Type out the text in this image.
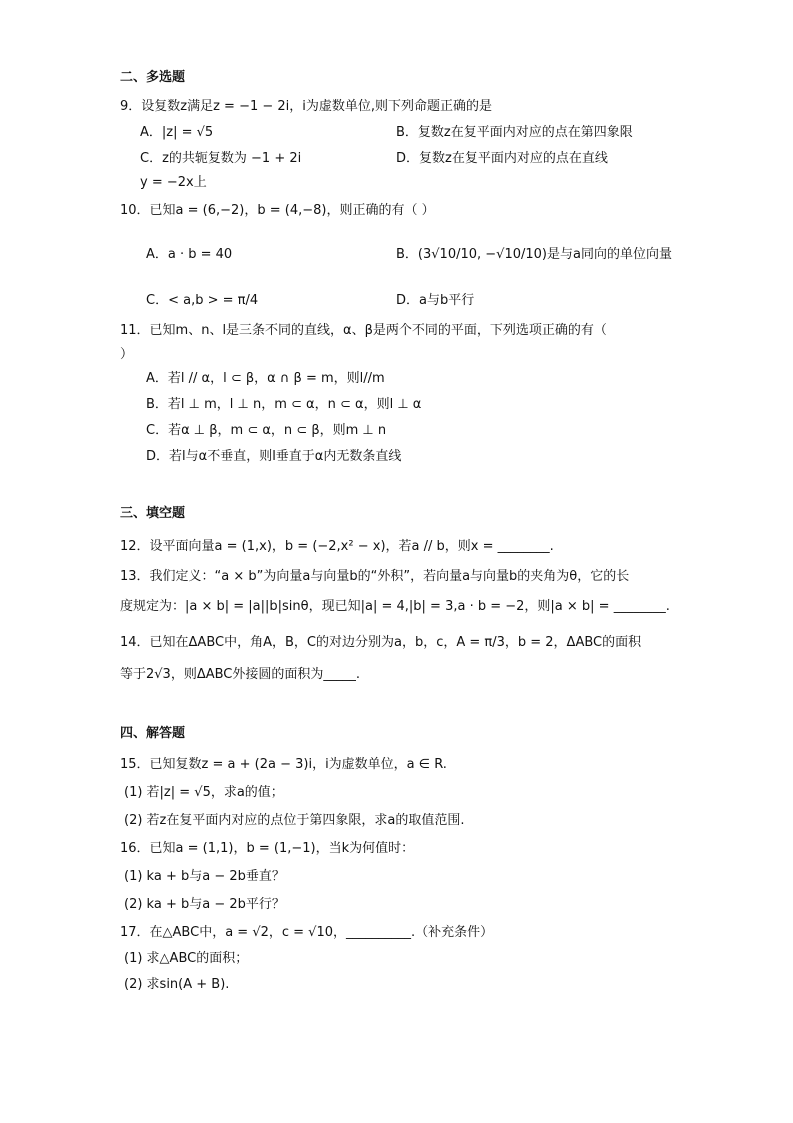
二、多选题
9．设复数z满足z = −1 − 2i，i为虚数单位,则下列命题正确的是
A．|z| = √5	B．复数z在复平面内对应的点在第四象限
C．z的共轭复数为 −1 + 2i	D．复数z在复平面内对应的点在直线
y = −2x上
10．已知a = (6,−2)，b = (4,−8)，则正确的有（ ）
A．a · b = 40	B．(3√10/10, −√10/10)是与a同向的单位向量
C．< a,b > = π/4	D．a与b平行
11．已知m、n、l是三条不同的直线，α、β是两个不同的平面，下列选项正确的有（
）
A．若l // α，l ⊂ β，α ∩ β = m，则l//m
B．若l ⊥ m，l ⊥ n，m ⊂ α，n ⊂ α，则l ⊥ α
C．若α ⊥ β，m ⊂ α，n ⊂ β，则m ⊥ n
D．若l与α不垂直，则l垂直于α内无数条直线
三、填空题
12．设平面向量a = (1,x)，b = (−2,x² − x)，若a // b，则x = ________.
13．我们定义：“a × b”为向量a与向量b的“外积”，若向量a与向量b的夹角为θ，它的长
度规定为：|a × b| = |a||b|sinθ，现已知|a| = 4,|b| = 3,a · b = −2，则|a × b| = ________.
14．已知在ΔABC中，角A，B，C的对边分别为a，b，c，A = π/3，b = 2，ΔABC的面积
等于2√3，则ΔABC外接圆的面积为_____.
四、解答题
15．已知复数z = a + (2a − 3)i，i为虚数单位，a ∈ R.
(1) 若|z| = √5，求a的值；
(2) 若z在复平面内对应的点位于第四象限，求a的取值范围.
16．已知a = (1,1)，b = (1,−1)，当k为何值时：
(1) ka + b与a − 2b垂直？
(2) ka + b与a − 2b平行？
17．在△ABC中，a = √2，c = √10，__________.（补充条件）
(1) 求△ABC的面积；
(2) 求sin(A + B).
